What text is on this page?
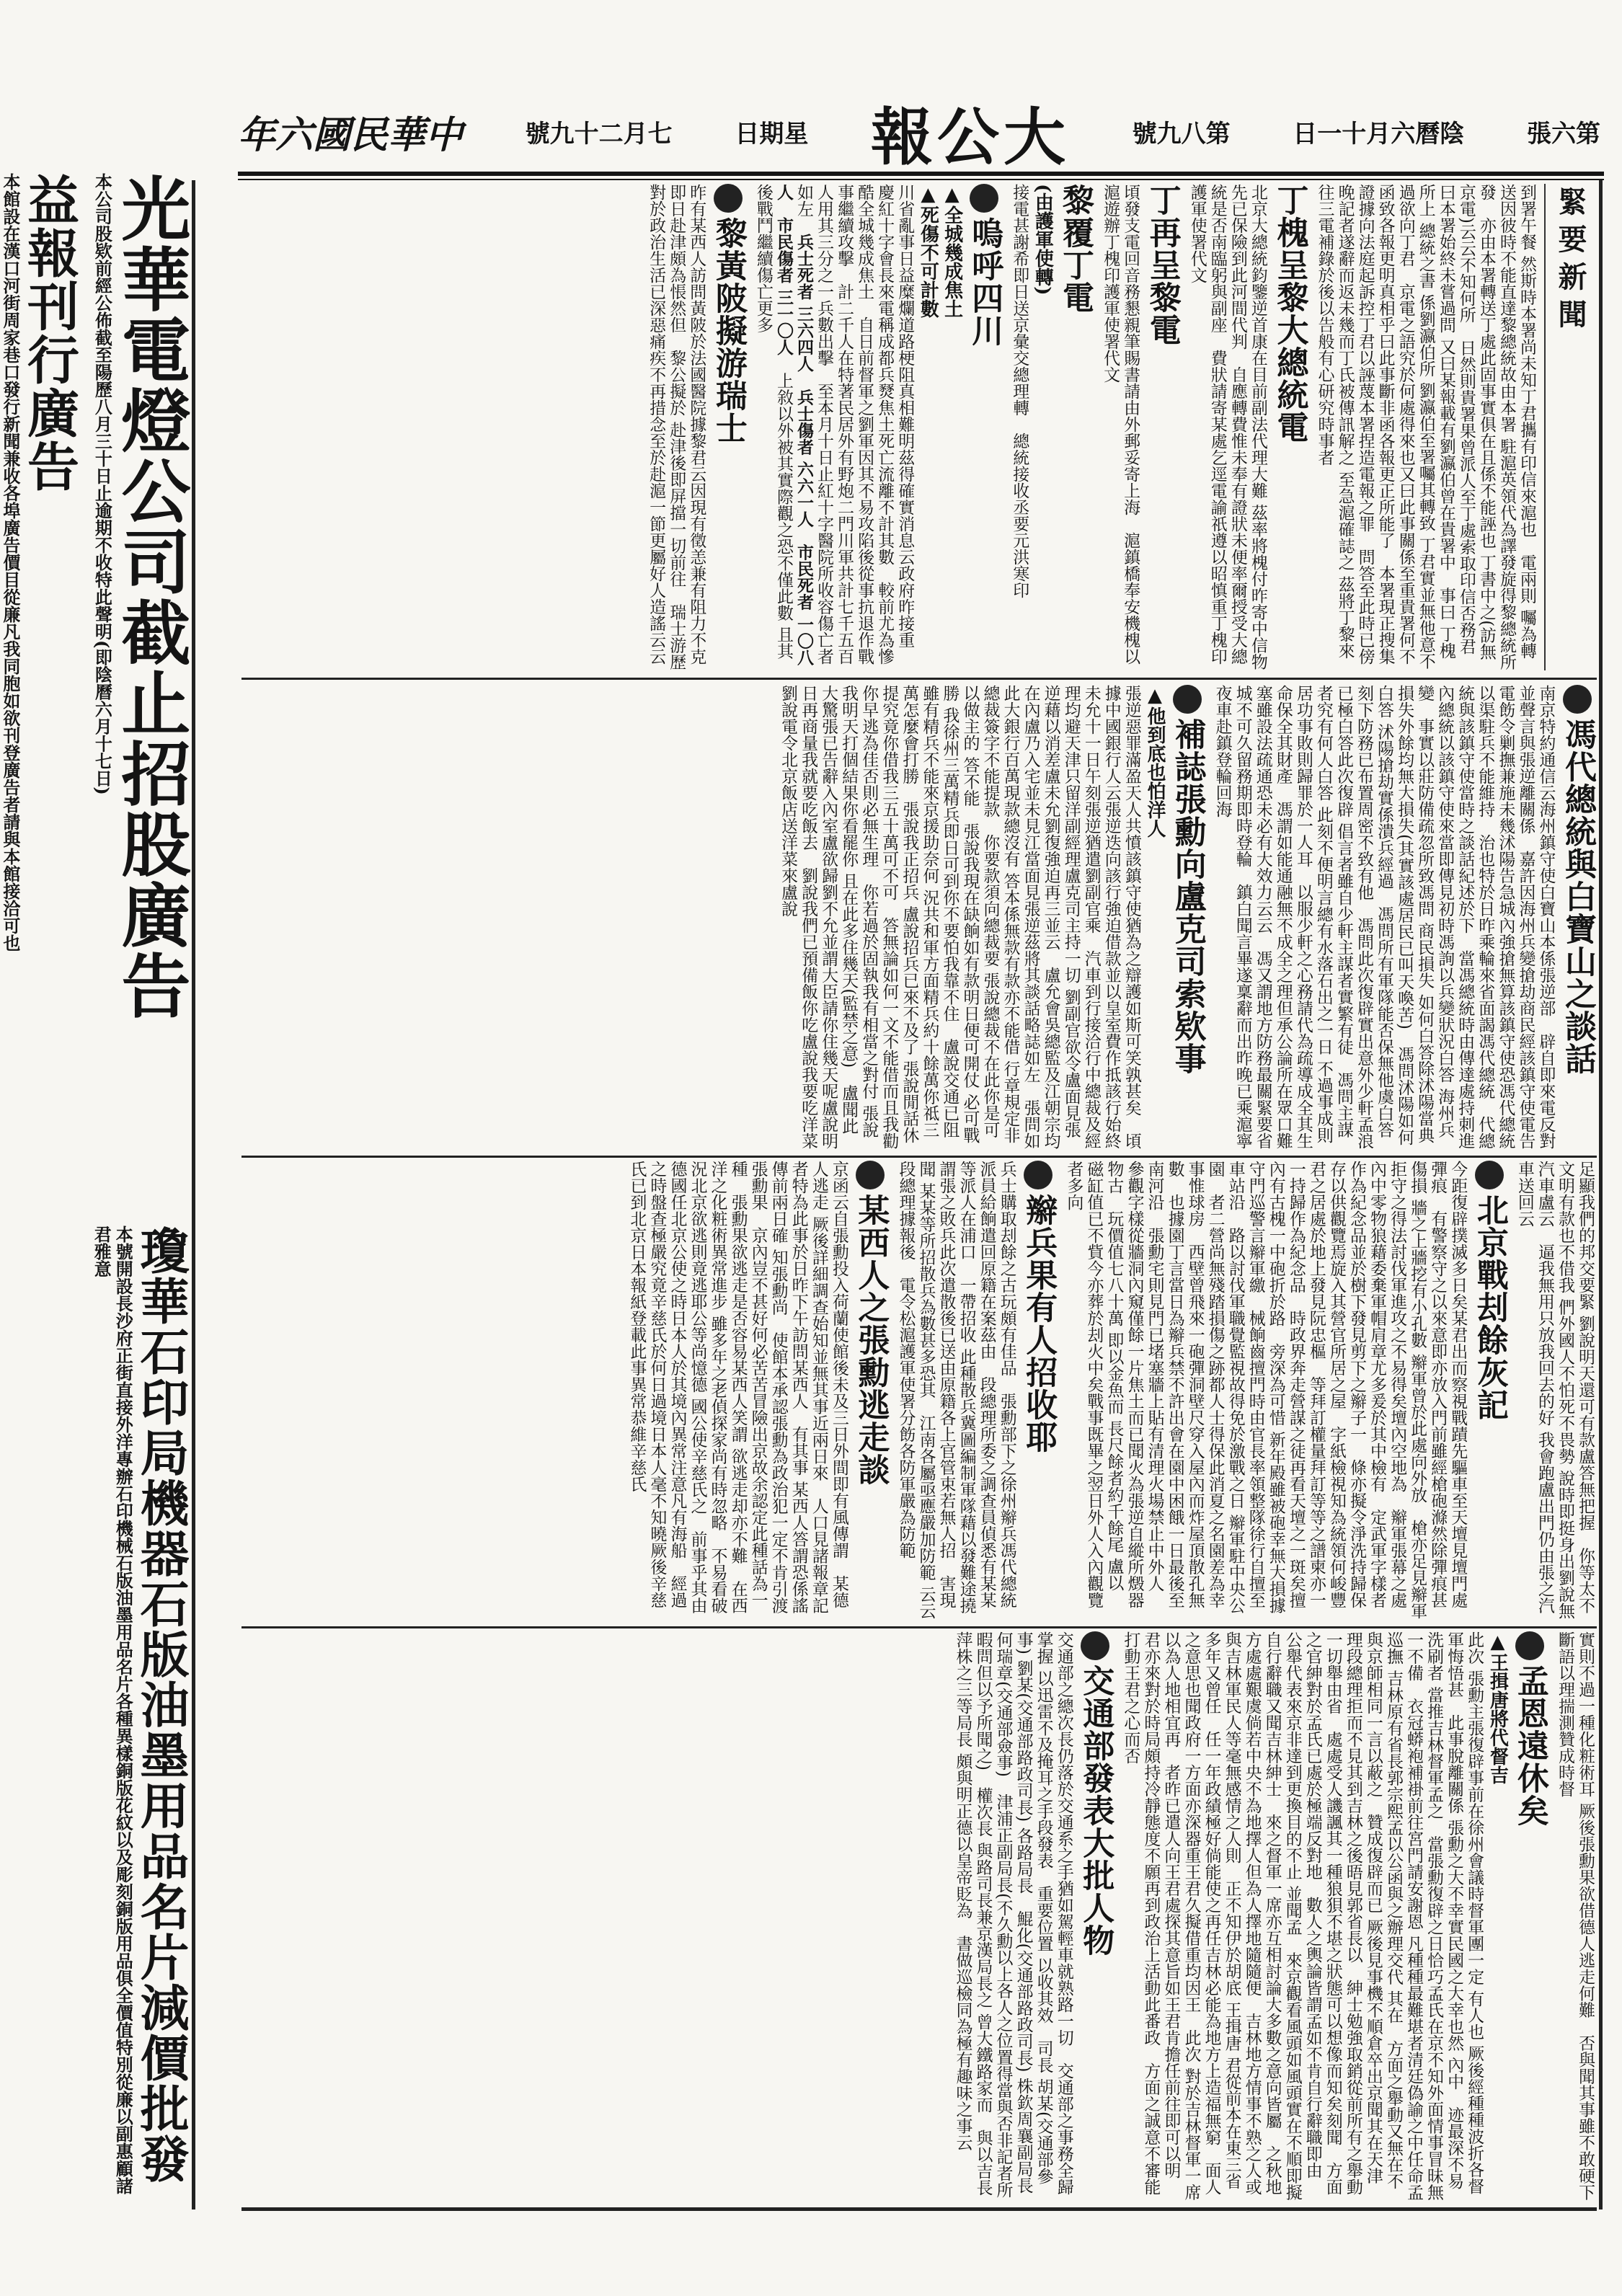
第六張
陰曆六月十一日
第八九號
大公報
星期日
七月二十九號
中華民國六年
緊要新聞
到署午餐 然斯時本署尚未知丁君攜有印信來滬也電兩則 囑為轉送因彼時不能直達黎總統故由本署 駐滬英領代為譯發旋得黎總統所發亦由本署轉送丁處此固事實俱在且係不能誣也 丁書中之(訪無京電)云云不知何所日然則貴署果曾派人至丁處索取印信否務君曰本署始終未嘗過問 又曰某報載有劉瀛伯曾在貴署中事曰 丁槐所上 總統之書 係劉瀛伯所 劉瀛伯至署囑其轉致 丁君實並無他意不過欲向丁君京電之語究於何處得來也又曰此事關係至重貴署何不函致各報更明真相乎曰此事斷非函各報更正所能了本署現正搜集證據向法庭起訴控丁君以誣蔑本署捏造電報之罪問答至此時已傍晚記者遂辭而返未幾而丁氏被傳訊解之 至急滬確誌之 茲將丁黎來往三電補錄於後以告般有心研究時事者
丁槐呈黎大總統電
北京大總統鈞鑒逆首康在目前副法代理大難 茲率將槐付昨寄中信物先已保險到此河間代判自應轉費惟未奉有證狀未便率爾授受大總統是否南臨躬與副座費狀請寄某處乞逕電諭祇遵以昭慎重丁槐印護軍使署代文
丁再呈黎電
頃發支電回音務懇親筆賜書請由外郵妥寄上海滬鎮橋奉安機槐以滬遊辦丁槐印護軍使署代文
黎覆丁電
(由護軍使轉)
接電甚謝希即日送京彙交總理轉總統接收丞要元洪寒印
嗚呼四川
▲全城幾成焦土
▲死傷不可計數
川省亂事日益糜爛道路梗阻真相難明茲得確實消息云政府昨接重慶紅十字會長來電稱成都兵燹焦土死亡流離不計其數較前尤為慘酷全城幾成焦土自日前督軍之劉軍因其不易攻陷後從事抗退作戰事繼續攻擊計二千人在特著民居外有野炮二門川軍共計七千五百人用其三分之一兵數出擊至本月十日止紅十字醫院所收容傷亡者如左兵士死者 三六四人兵士傷者 六六一人市民死者 一〇八人市民傷者 三一〇人上敘以外被其實際觀之恐不僅此數 且其後戰鬥繼續傷亡更多
黎黃陂擬游瑞士
昨有某西人訪問黃陂於法國醫院據黎君云因現有徵恙兼有阻力不克即日赴津頗為悵然但黎公擬於 赴津後即屏擋一切前往瑞士游歷 對於政治生活已深惡痛疾不再措念至於赴滬一節更屬好人造謠云云
馮代總統與白寶山之談話
南京特約通信云海州鎮守使白寶山本係張逆部辟自即來電反對並聲言與張逆離關係嘉許因海州兵變搶劫商民經該鎮守使電告電飭令剿撫兼施未幾沭陽告急城內強搶無算該鎮守使恐馮代總統以渠駐兵不能維持治也特於日昨乘輪來省面謁馮代總統代總統與該鎮守使當時之談話紀述於下當馮總統時由傳達處持刺進內總統以該鎮守使來當即傳見初時馮詢以兵變狀況白答 海州兵變事實以莊防備疏忽所致馮問 商民損失 如何白答除沭陽當典損失外餘均無大損失(其實該處居民已叫天喚苦)馮問沭陽如何白答 沭陽搶劫實係潰兵經過馮問所有軍隊能否保無他虞白答刻下防務已布置周密不致有他馮問此次復辟實出意外少軒孟浪已極白答此次復辟 倡言者雖自少軒主謀者實繁有徒馮問主謀者究有何人白答 此刻不便明言總有水落石出之一日 不過事成則居功事敗則歸罪於一人耳以服少軒之心務請代為疏導成全其生命保全其財產馮謂如能通融無不成全之理但承公論所在眾口難塞雖設法疏通恐未必有大效力云云馮又謂地方防務最關緊要省城不可久留務期即時登輪鎮白聞言畢遂稟辭而出昨晚已乘滬寧夜車赴鎮登輪回海
補誌張勳向盧克司索欵事
▲他到底也怕洋人
張逆惡罪滿盈天人共憤該鎮守使猶為之辯護如斯可笑孰甚矣頃據中國銀行人云張逆迭向該行強迫借款並以皇室費作抵該行始終未允十一日午刻張逆猶遣劉副官乘汽車到行接洽行中總裁及經理均避天津只留洋副經理盧克司主持一切 劉副官欲令盧面見張逆藉以消差盧未允劉復強迫再三並云盧允會吳總監及江朝宗均在內盧乃入宅並未見江當面見張逆茲將其談話略誌如左張問如此大銀行百萬現款總沒有 答本係無款有款亦不能借 行章規定非總裁簽字不能提款你要款須向總裁要 張說總裁不在此你是可以做主的 答不能張說我現在缺餉如有款明日便可開仗 必可戰勝 我徐州三萬精兵即日可到你不要怕我靠不住盧說交通已阻 雖有精兵不能來京援助奈何 況共和軍方面精兵約十餘萬你祗三萬怎麼會打勝張說我正招兵 盧說招兵已來不及了 張說閒話休提究竟你借我三五十萬可不可答無論如何一文不能借而且我勸你早逃為佳否則必無生理你若過於固執我有相當之對付 張說我明天打個結果你看罷你 且在此多住幾天(監禁之意)盧聞此大驚張已告辭入內室盧欲歸劉不允並謂大臣請你住幾天呢盧說明日再商量我就要吃飯去劉說我們已預備飯你吃盧說我要吃洋菜劉說電令北京飯店送洋菜來盧說
足顯我們的邦交要緊 劉說明天還可有款盧答無把握你等太不文明有款也不借我 們外國人不怕死不畏勢 說時即挺身出劉說無汽車盧云逼我無用只放我回去的好 我會跑盧出門仍由張之汽車送回云
北京戰刦餘灰記
今距復辟撲滅多日矣某君出而察視戰蹟先驅車至天壇見壇門處彈痕有警察守之以來意即亦放入門前雖經槍砲滌然除彈痕甚傷損 牆之上牆挖有小孔數 辮軍曾於此處向外放槍亦足見辮軍拒守之得法討伐軍進攻之不易得矣壇內空地為辮軍張幕之處內中零物狼藉委棄軍帽肩章尤多爰於其中檢有定武軍字樣者作為紀念品並於樹下發見剪下之辮子一條亦擬令淨洗持歸保存以供觀覽焉旋入其營官所居之屋字紙檢視知為統領何峻豐君之居處於地上發見阮忠樞等拜訂權量拜訂等等之譜柬亦一一持歸作為紀念品時政界奔走營謀之徒再看天壇之一斑矣擅內有古槐一中砲折於路旁深為可惜 新年殿雖被砲幸無大損據守門巡警言辮軍繳械餉齒擅門時由官長率領整隊徐行自擅至車站沿路以討伐軍職覺監視故得免於激戰之日 辮軍駐中央公園者二營尚無殘踏損傷之跡都人士得保此消夏之名園差為幸事惟球房西壁曾飛來一砲彈洞壁尺穿入屋內而炸屋頂散孔無數也據園丁言當日為辮兵禁不許出會在園中困餓一日最後至南河沿張勳宅則見門已堵塞牆上貼有清理火場禁止中外人參觀字樣從牆洞內窺僅餘一片焦土而已聞火為張逆自縱所燬器物古玩價值七八十萬 即以金魚而 長尺餘者約千餘尾 盧以磁缸值已不貲今亦葬於刦火中矣戰事既畢之翌日外人入內觀覽者多向
辮兵果有人招收耶
兵士購取刦餘之古玩頗有佳品張勳部下之徐州辮兵馮代總統派員給餉遣回原籍在案茲由段總理所委之調查員偵悉有某某等派人在浦口一帶招收 此種散兵冀圖編制軍隊藉以發難途撓謂張之敗兵此次遣散後已送由原籍各上官管束若無人招害現聞 某某等所招散兵為數甚多恐其江南各屬亟應嚴加防範 云云段總理據報後電令松滬護軍使署分飭各防軍嚴為防範
某西人之張勳逃走談
京函云自張勳投入荷蘭使館後未及三日外間即有風傳謂某德人逃走 厥後詳細調查始知並無其事近兩日來人口見諸報章記者特為此事於日昨下午訪問某西人有其事 某西人答謂恐係謠傳前兩日確 知張勳尚使館本承認張勳為政治犯一定不肯引渡張勳果京內豈不甚好何必苦苦冒險出京故余認定此種話為一種張勳果欲逃走是否容易某西人笑謂 欲逃走却亦不難在西洋之化粧術異常進步 雖多年之老偵探家尚有時忽略不易看破況北京欲逃則竟逃耶公等尚憶德 國公使辛慈氏之前事乎其由德國任北京公使之時日本人於其境內異常注意凡有海船經過之時盤查極嚴究竟辛慈氏於何日過境日本人毫不知曉厥後辛慈氏已到北京日本報紙登載此事異常恭維辛慈氏
實則不過一種化粧術耳 厥後張勳果欲借德人逃走何難否與聞其事雖不敢硬下斷語以理揣測贊成時督
孟恩遠休矣
▲王揖唐將代督吉
此次 張勳主張復辟事前在徐州會議時督軍團一定 有人也 厥後經種種波折各督軍悔悟甚此事脫離關係 張勳之大不幸實民國之大幸也然 內中迹最深不易洗刷者 當推吉林督軍孟之當張勳復辟之日恰巧孟氏在京不知外面情事冒昧無一不備衣冠蟒袍補褂前往宮門請安謝恩 凡種種最難堪者清廷偽諭之中任命孟巡撫 吉林原有省長郭宗熙孟以公函與之辦理交代 其在方面之舉動又無在不與京師相同一言以蔽之贊成復辟而已 厥後見事機不順倉卒出京聞其在天津理段總理拒而不見其到吉林之後晤見郭省長以紳士勉強取銷從前所有之舉動 一切舉由省處處受人譏諷其一種狼狽不堪之狀態可以想像而知矣刻聞方面之官紳對於孟氏已處於極端反對地數人之輿論皆謂孟如不肯自行辭職即由公舉代表來京非達到更換目的不止 並聞孟來京觀看風頭如風頭實在不順即擬自行辭職又聞吉林紳士來之督軍一席亦互相討論大多數之意向皆屬之秋地方處處艱虞倘若中央不為地擇人但為人擇地隨隨便吉林地方情事不熟之人或與吉林軍民人等毫無感情之人則正不知伊於胡底 王揖唐 君從前本在東三省多年又曾任任一年政績極好倘能使之再任吉林必能為地方上造福無窮面人之意思也聞政府一方面亦深器重王君久擬借重均因王此次 對於吉林督軍一席以為人地相宜再者昨已遣人向王君處探其意旨如王君肯擔任前往即可以明君亦來對於時局頗持冷靜態度不願再到政治上活動此番政方面之誠意不審能打動王君之心而否
交通部發表大批人物
交通部之總次長仍落於交通系之手猶如駕輕車就熟路一切交通部之事務全歸掌握 以迅雷不及掩耳之手段發表重要位置 以收其效司長 胡某(交通部參事) 劉某(交通部路政司長) 各路局長鯤化(交通部路政司長) 株欽周襄副局長何瑞章(交通部僉事)津浦正副局長(不久勳以上各人之位置得當與否非記者所暇問但以予所聞之)權次長 與路司長兼京漢局長之 曾大鐵路家而與以吉長萍株之三等局長 頗與明正德以皇帝貶為書做巡檢同為極有趣味之事云
光華電燈公司截止招股廣告
本公司股欵前經公佈截至陽歷八月三十日止逾期不收特此聲明(即陰曆六月十七日)
益報刊行廣告
本館設在漢口河街周家巷口發行新聞兼收各埠廣告價目從廉凡我同胞如欲刊登廣告者請與本館接洽可也
瓊華石印局機器石版油墨用品名片減價批發
本號開設長沙府正街直接外洋專辦石印機械石版油墨用品名片各種異樣銅版花紋以及彫刻銅版用品俱全價值特別從廉以副惠顧諸君雅意
